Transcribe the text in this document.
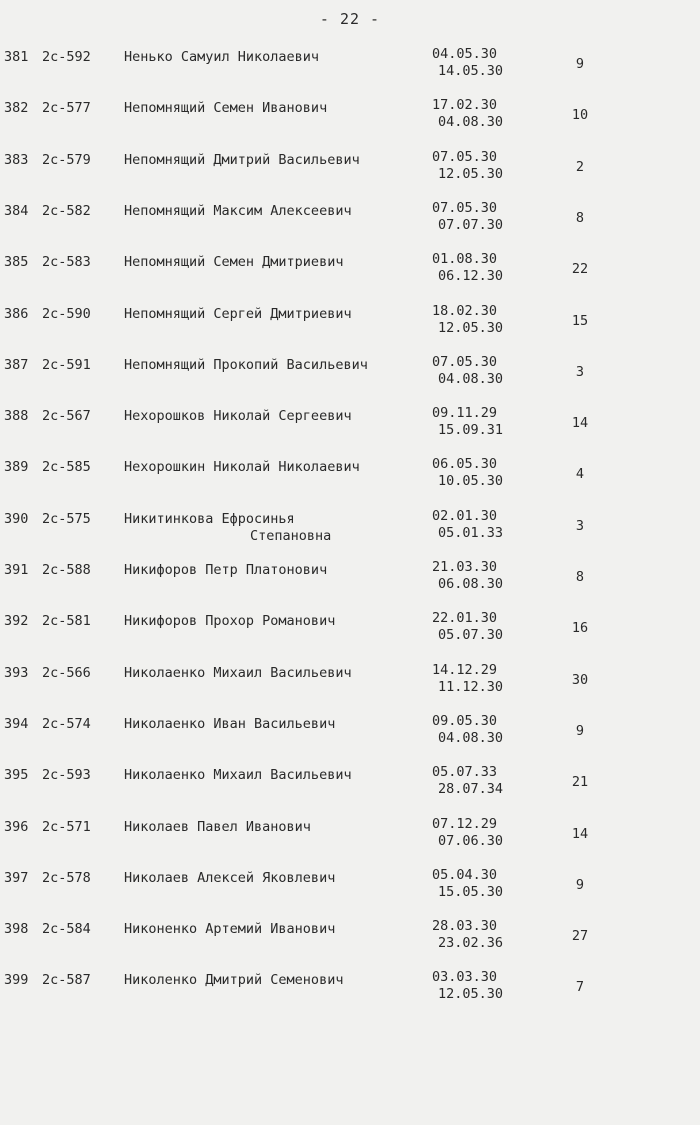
- 22 -
381 2c-592 Ненько Самуил Николаевич	04.05.30
14.05.30	9
382 2c-577 Непомнящий Семен Иванович	17.02.30
04.08.30	10
383 2c-579 Непомнящий Дмитрий Васильевич	07.05.30
12.05.30	2
384 2c-582 Непомнящий Максим Алексеевич	07.05.30
07.07.30	8
385 2c-583 Непомнящий Семен Дмитриевич	01.08.30
06.12.30	22
386 2c-590 Непомнящий Сергей Дмитриевич	18.02.30
12.05.30	15
387 2c-591 Непомнящий Прокопий Васильевич	07.05.30
04.08.30	3
388 2c-567 Нехорошков Николай Сергеевич	09.11.29
15.09.31	14
389 2c-585 Нехорошкин Николай Николаевич	06.05.30
10.05.30	4
390 2c-575 Никитинкова Ефросинья
Степановна
02.01.30
05.01.33	3
391 2c-588 Никифоров Петр Платонович	21.03.30
06.08.30	8
392 2c-581 Никифоров Прохор Романович	22.01.30
05.07.30	16
393 2c-566 Николаенко Михаил Васильевич	14.12.29
11.12.30	30
394 2c-574 Николаенко Иван Васильевич	09.05.30
04.08.30	9
395 2c-593 Николаенко Михаил Васильевич	05.07.33
28.07.34	21
396 2c-571 Николаев Павел Иванович	07.12.29
07.06.30	14
397 2c-578 Николаев Алексей Яковлевич	05.04.30
15.05.30	9
398 2c-584 Никоненко Артемий Иванович	28.03.30
23.02.36	27
399 2c-587 Николенко Дмитрий Семенович	03.03.30
12.05.30	7
